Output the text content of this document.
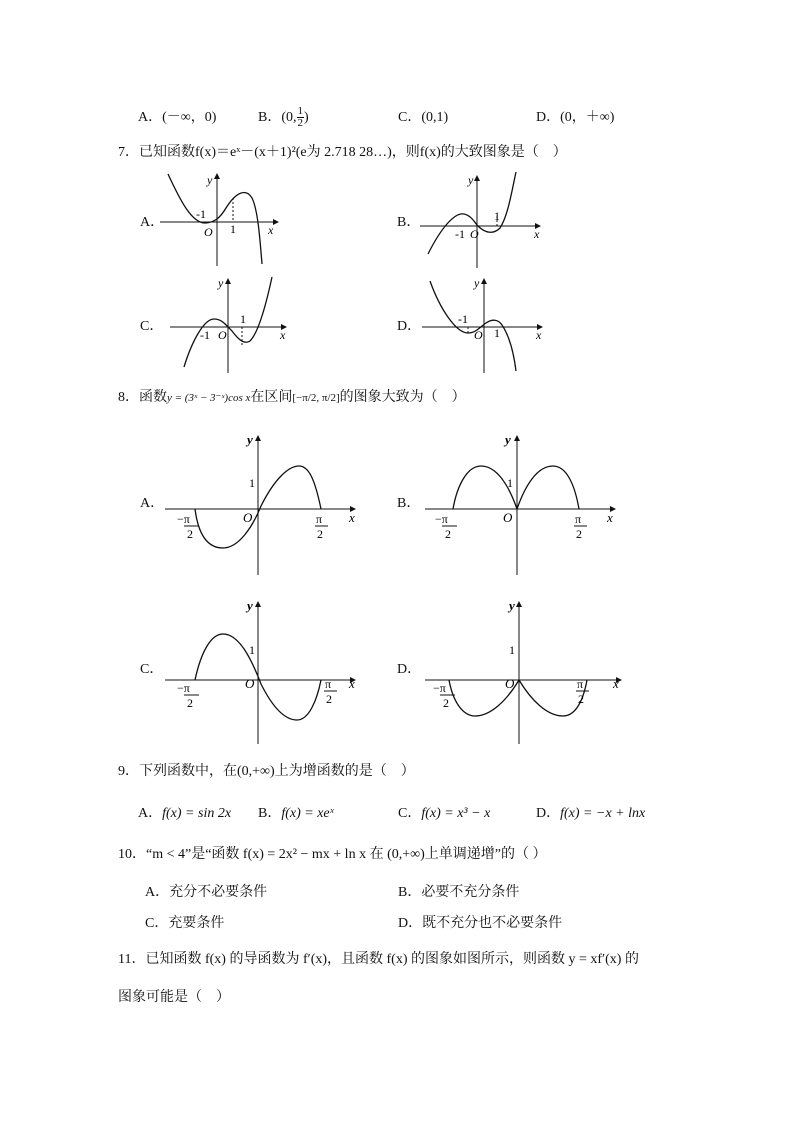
A．(－∞，0)	B．(0, $\frac{1}{2}$ )	C．(0,1)	D．(0，＋∞)
7．已知函数f(x)＝eˣ－(x＋1)²(e为 2.718 28…)，则f(x)的大致图象是（　）
A．	B．
C．	D．
y
x
O
-1
1
y
x
O
-1
1
y
x
O
-1
1
y
x
O
-1
1
8．函数y = (3ˣ − 3⁻ˣ)cos x在区间[−π/2, π/2]的图象大致为（　）
A．	B．
C．	D．
y
x
O
1
−π
2
π
2
y
x
O
1
−π
2
π
2
y
x
O
1
−π
2
π
2
y
x
O
1
−π
2
π
2
9．下列函数中，在(0,+∞)上为增函数的是（　）
A．f(x) = sin 2x B．f(x) = xeˣ	C．f(x) = x³ − x	D．f(x) = −x + lnx
10．“m < 4”是“函数 f(x) = 2x² − mx + ln x 在 (0,+∞)上单调递增”的（ ）
A．充分不必要条件	B．必要不充分条件
C．充要条件	D．既不充分也不必要条件
11．已知函数 f(x) 的导函数为 f′(x)，且函数 f(x) 的图象如图所示，则函数 y = xf′(x) 的
图象可能是（　）
